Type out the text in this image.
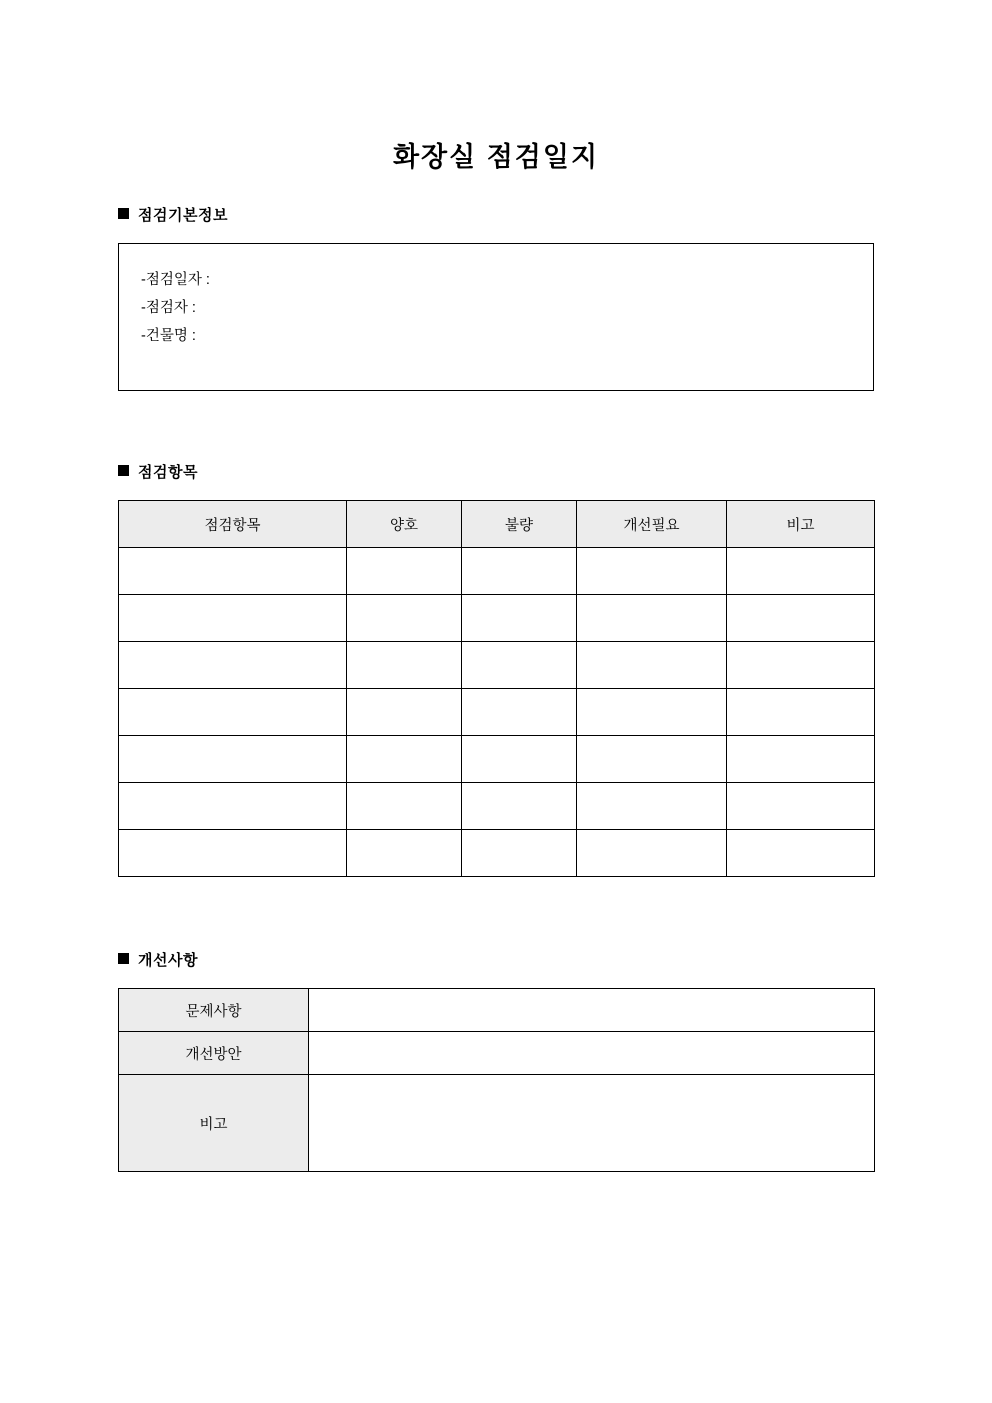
화장실 점검일지
점검기본정보
-점검일자 :
-점검자 :
-건물명 :
점검항목
점검항목	양호	불량	개선필요	비고

개선사항
문제사항	
개선방안	
비고	
